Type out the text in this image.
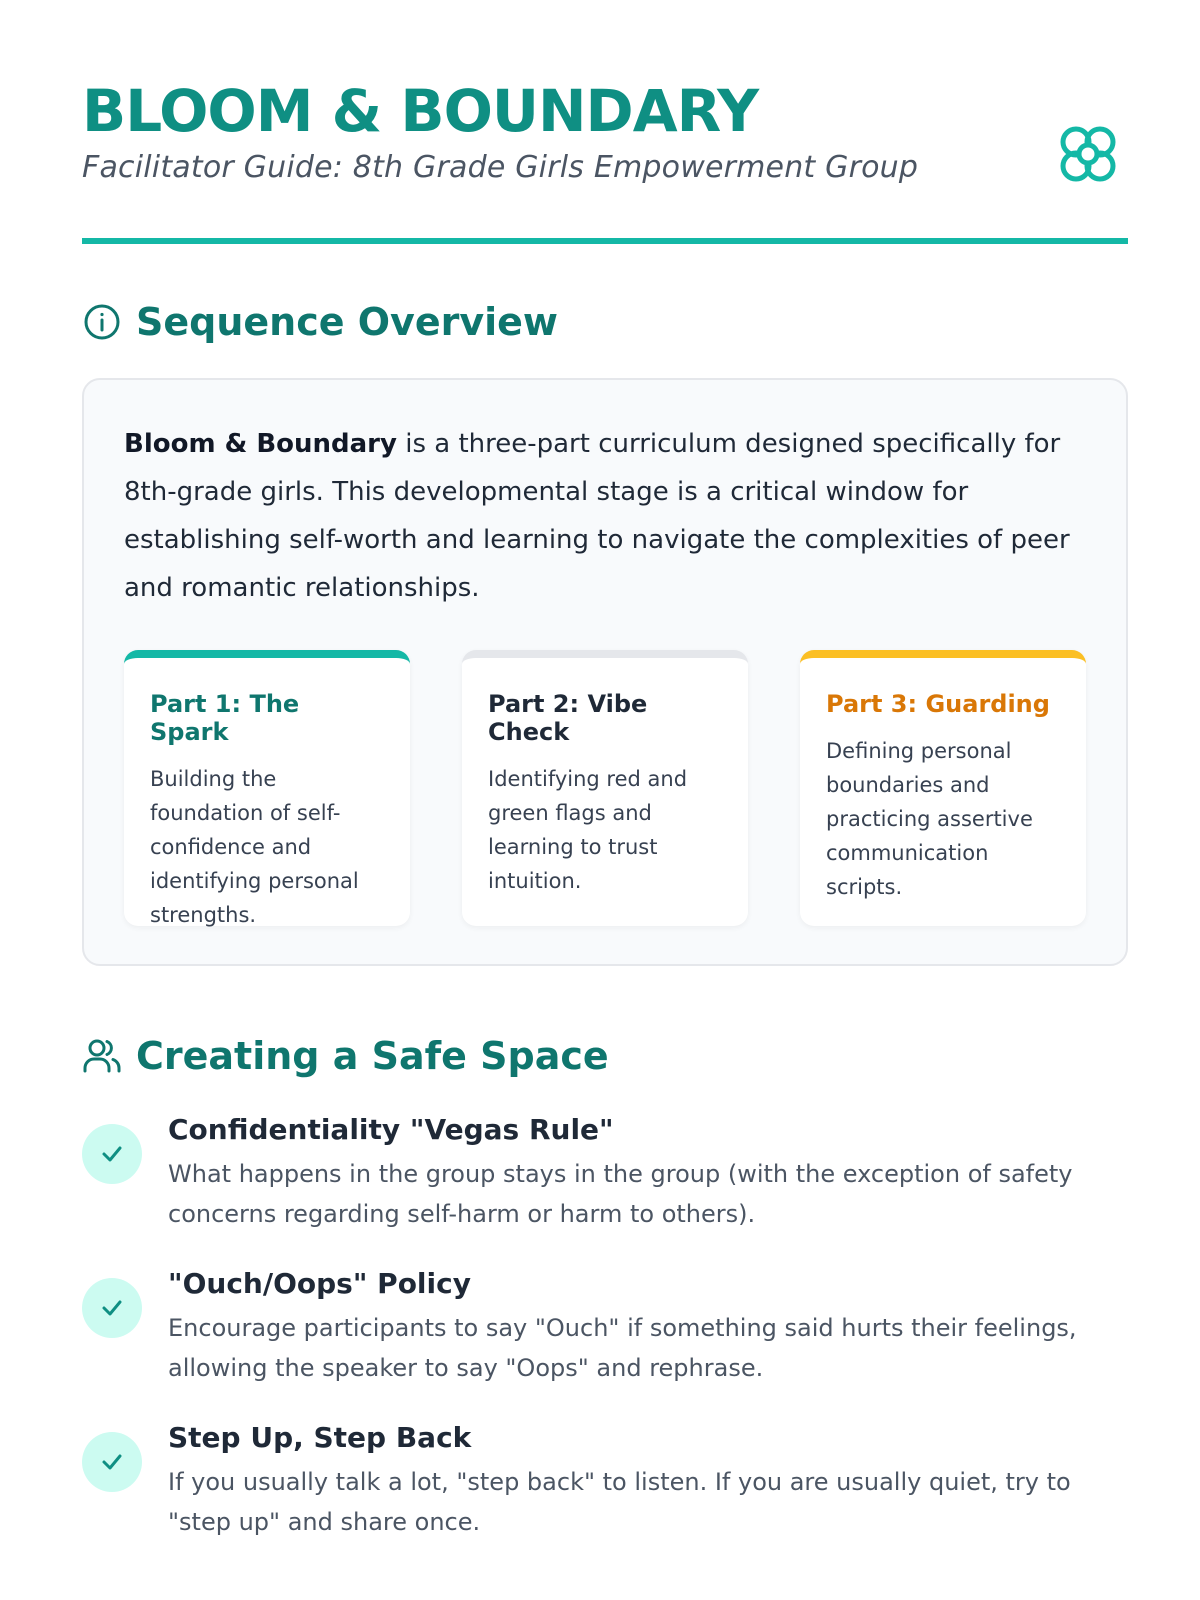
BLOOM & BOUNDARY

Facilitator Guide: 8th Grade Girls Empowerment Group

Sequence Overview

Bloom & Boundary is a three-part curriculum designed specifically for 8th-grade girls. This developmental stage is a critical window for establishing self-worth and learning to navigate the complexities of peer and romantic relationships.

Part 1: The Spark

Building the foundation of self-confidence and identifying personal strengths.

Part 2: Vibe Check

Identifying red and green flags and learning to trust intuition.

Part 3: Guarding

Defining personal boundaries and practicing assertive communication scripts.

Creating a Safe Space
Confidentiality "Vegas Rule"

What happens in the group stays in the group (with the exception of safety concerns regarding self-harm or harm to others).

"Ouch/Oops" Policy

Encourage participants to say "Ouch" if something said hurts their feelings, allowing the speaker to say "Oops" and rephrase.

Step Up, Step Back

If you usually talk a lot, "step back" to listen. If you are usually quiet, try to "step up" and share once.
